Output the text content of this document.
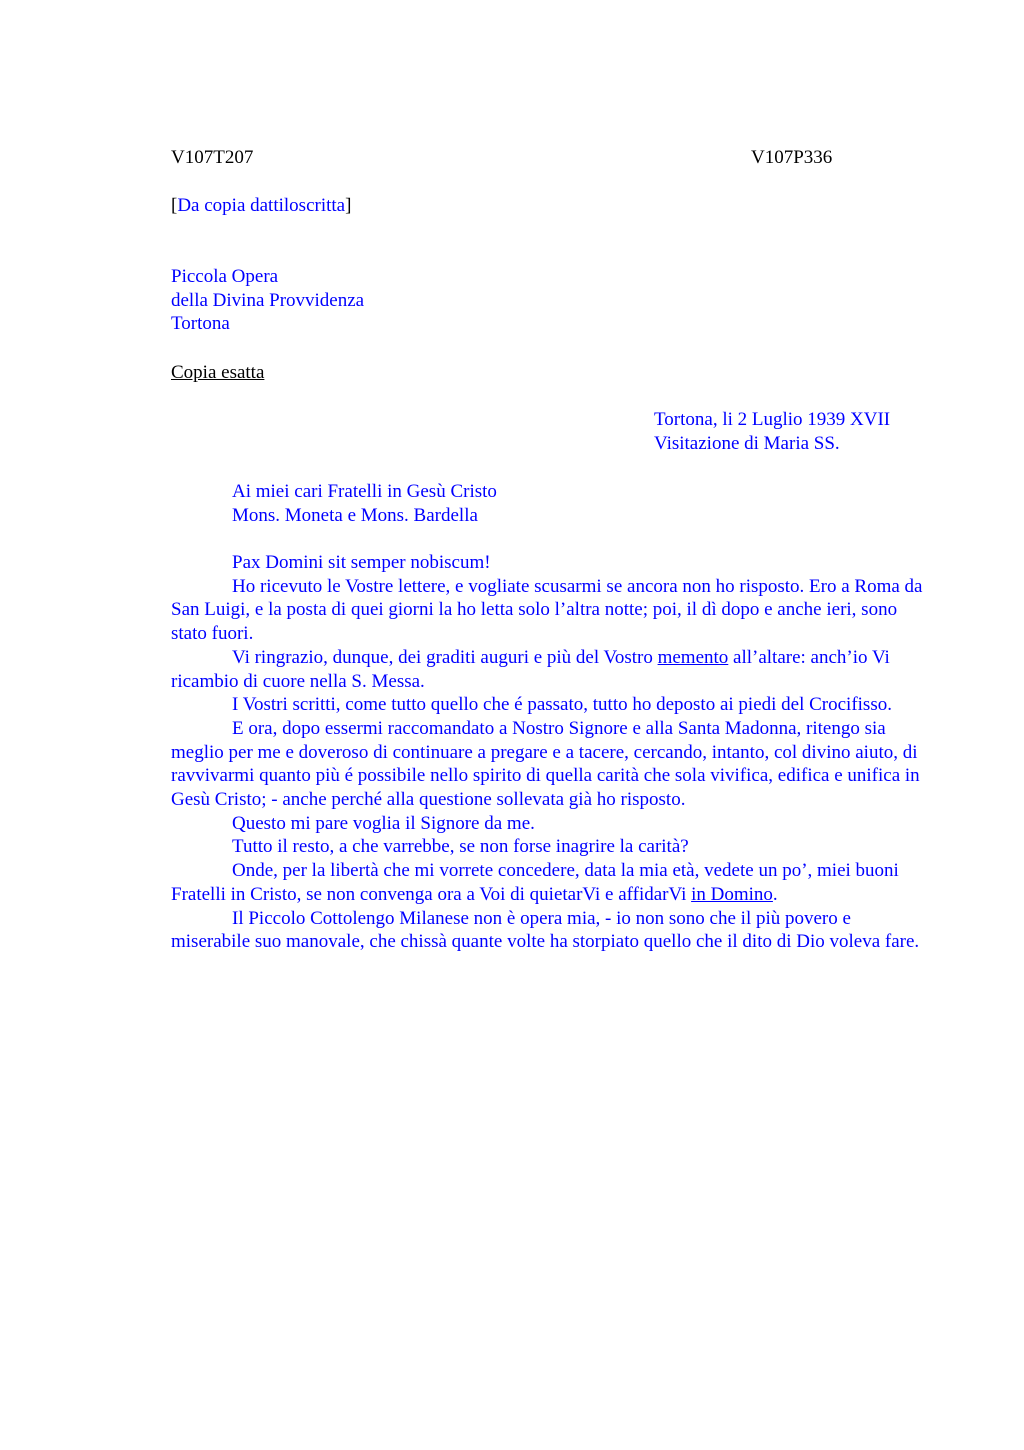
V107T207	V107P336
[Da copia dattiloscritta]
Piccola Opera
della Divina Provvidenza
Tortona
Copia esatta
Tortona, li 2 Luglio 1939 XVII
Visitazione di Maria SS.
Ai miei cari Fratelli in Gesù Cristo
Mons. Moneta e Mons. Bardella

Pax Domini sit semper nobiscum!

Ho ricevuto le Vostre lettere, e vogliate scusarmi se ancora non ho risposto. Ero a Roma da San Luigi, e la posta di quei giorni la ho letta solo l’altra notte; poi, il dì dopo e anche ieri, sono stato fuori.

Vi ringrazio, dunque, dei graditi auguri e più del Vostro memento all’altare: anch’io Vi ricambio di cuore nella S. Messa.

I Vostri scritti, come tutto quello che é passato, tutto ho deposto ai piedi del Crocifisso.

E ora, dopo essermi raccomandato a Nostro Signore e alla Santa Madonna, ritengo sia meglio per me e doveroso di continuare a pregare e a tacere, cercando, intanto, col divino aiuto, di ravvivarmi quanto più é possibile nello spirito di quella carità che sola vivifica, edifica e unifica in Gesù Cristo; - anche perché alla questione sollevata già ho risposto.

Questo mi pare voglia il Signore da me.

Tutto il resto, a che varrebbe, se non forse inagrire la carità?

Onde, per la libertà che mi vorrete concedere, data la mia età, vedete un po’, miei buoni Fratelli in Cristo, se non convenga ora a Voi di quietarVi e affidarVi in Domino.

Il Piccolo Cottolengo Milanese non è opera mia, - io non sono che il più povero e miserabile suo manovale, che chissà quante volte ha storpiato quello che il dito di Dio voleva fare.
